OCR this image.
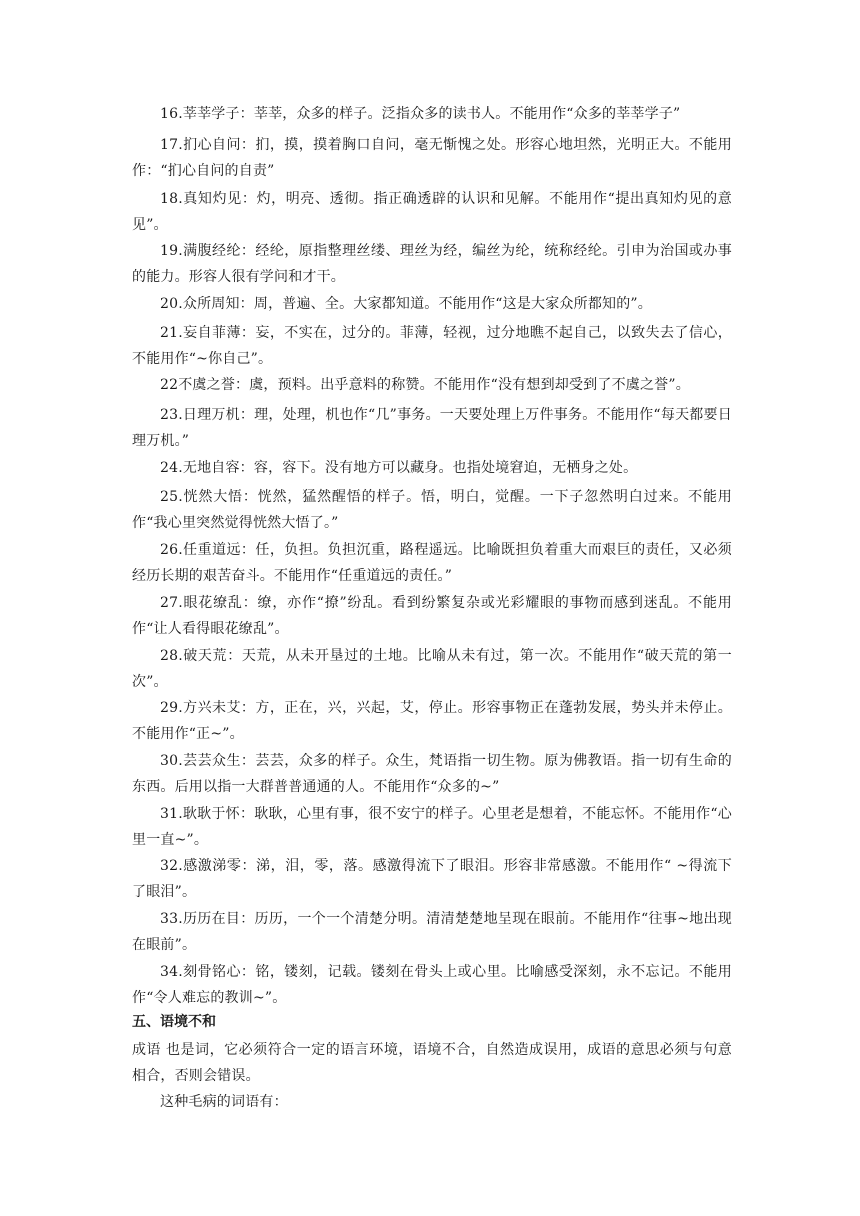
16.莘莘学子：莘莘，众多的样子。泛指众多的读书人。不能用作“众多的莘莘学子”

17.扪心自问：扪，摸，摸着胸口自问，毫无惭愧之处。形容心地坦然，光明正大。不能用作：“扪心自问的自责”

18.真知灼见：灼，明亮、透彻。指正确透辟的认识和见解。不能用作“提出真知灼见的意见”。

19.满腹经纶：经纶，原指整理丝缕、理丝为经，编丝为纶，统称经纶。引申为治国或办事的能力。形容人很有学问和才干。

20.众所周知：周，普遍、全。大家都知道。不能用作“这是大家众所都知的”。

21.妄自菲薄：妄，不实在，过分的。菲薄，轻视，过分地瞧不起自己，以致失去了信心，不能用作“~你自己”。

22不虞之誉：虞，预料。出乎意料的称赞。不能用作“没有想到却受到了不虞之誉”。

23.日理万机：理，处理，机也作“几”事务。一天要处理上万件事务。不能用作“每天都要日理万机。”

24.无地自容：容，容下。没有地方可以藏身。也指处境窘迫，无栖身之处。

25.恍然大悟：恍然，猛然醒悟的样子。悟，明白，觉醒。一下子忽然明白过来。不能用作“我心里突然觉得恍然大悟了。”

26.任重道远：任，负担。负担沉重，路程遥远。比喻既担负着重大而艰巨的责任，又必须经历长期的艰苦奋斗。不能用作“任重道远的责任。”

27.眼花缭乱：缭，亦作“撩”纷乱。看到纷繁复杂或光彩耀眼的事物而感到迷乱。不能用作“让人看得眼花缭乱”。

28.破天荒：天荒，从未开垦过的土地。比喻从未有过，第一次。不能用作“破天荒的第一次”。

29.方兴未艾：方，正在，兴，兴起，艾，停止。形容事物正在蓬勃发展，势头并未停止。不能用作“正~”。

30.芸芸众生：芸芸，众多的样子。众生，梵语指一切生物。原为佛教语。指一切有生命的东西。后用以指一大群普普通通的人。不能用作“众多的~”

31.耿耿于怀：耿耿，心里有事，很不安宁的样子。心里老是想着，不能忘怀。不能用作“心里一直~”。

32.感激涕零：涕，泪，零，落。感激得流下了眼泪。形容非常感激。不能用作“ ~得流下了眼泪”。

33.历历在目：历历，一个一个清楚分明。清清楚楚地呈现在眼前。不能用作“往事~地出现在眼前”。

34.刻骨铭心：铭，镂刻，记载。镂刻在骨头上或心里。比喻感受深刻，永不忘记。不能用作“令人难忘的教训~”。

五、语境不和

成语 也是词，它必须符合一定的语言环境，语境不合，自然造成误用，成语的意思必须与句意相合，否则会错误。

这种毛病的词语有：
